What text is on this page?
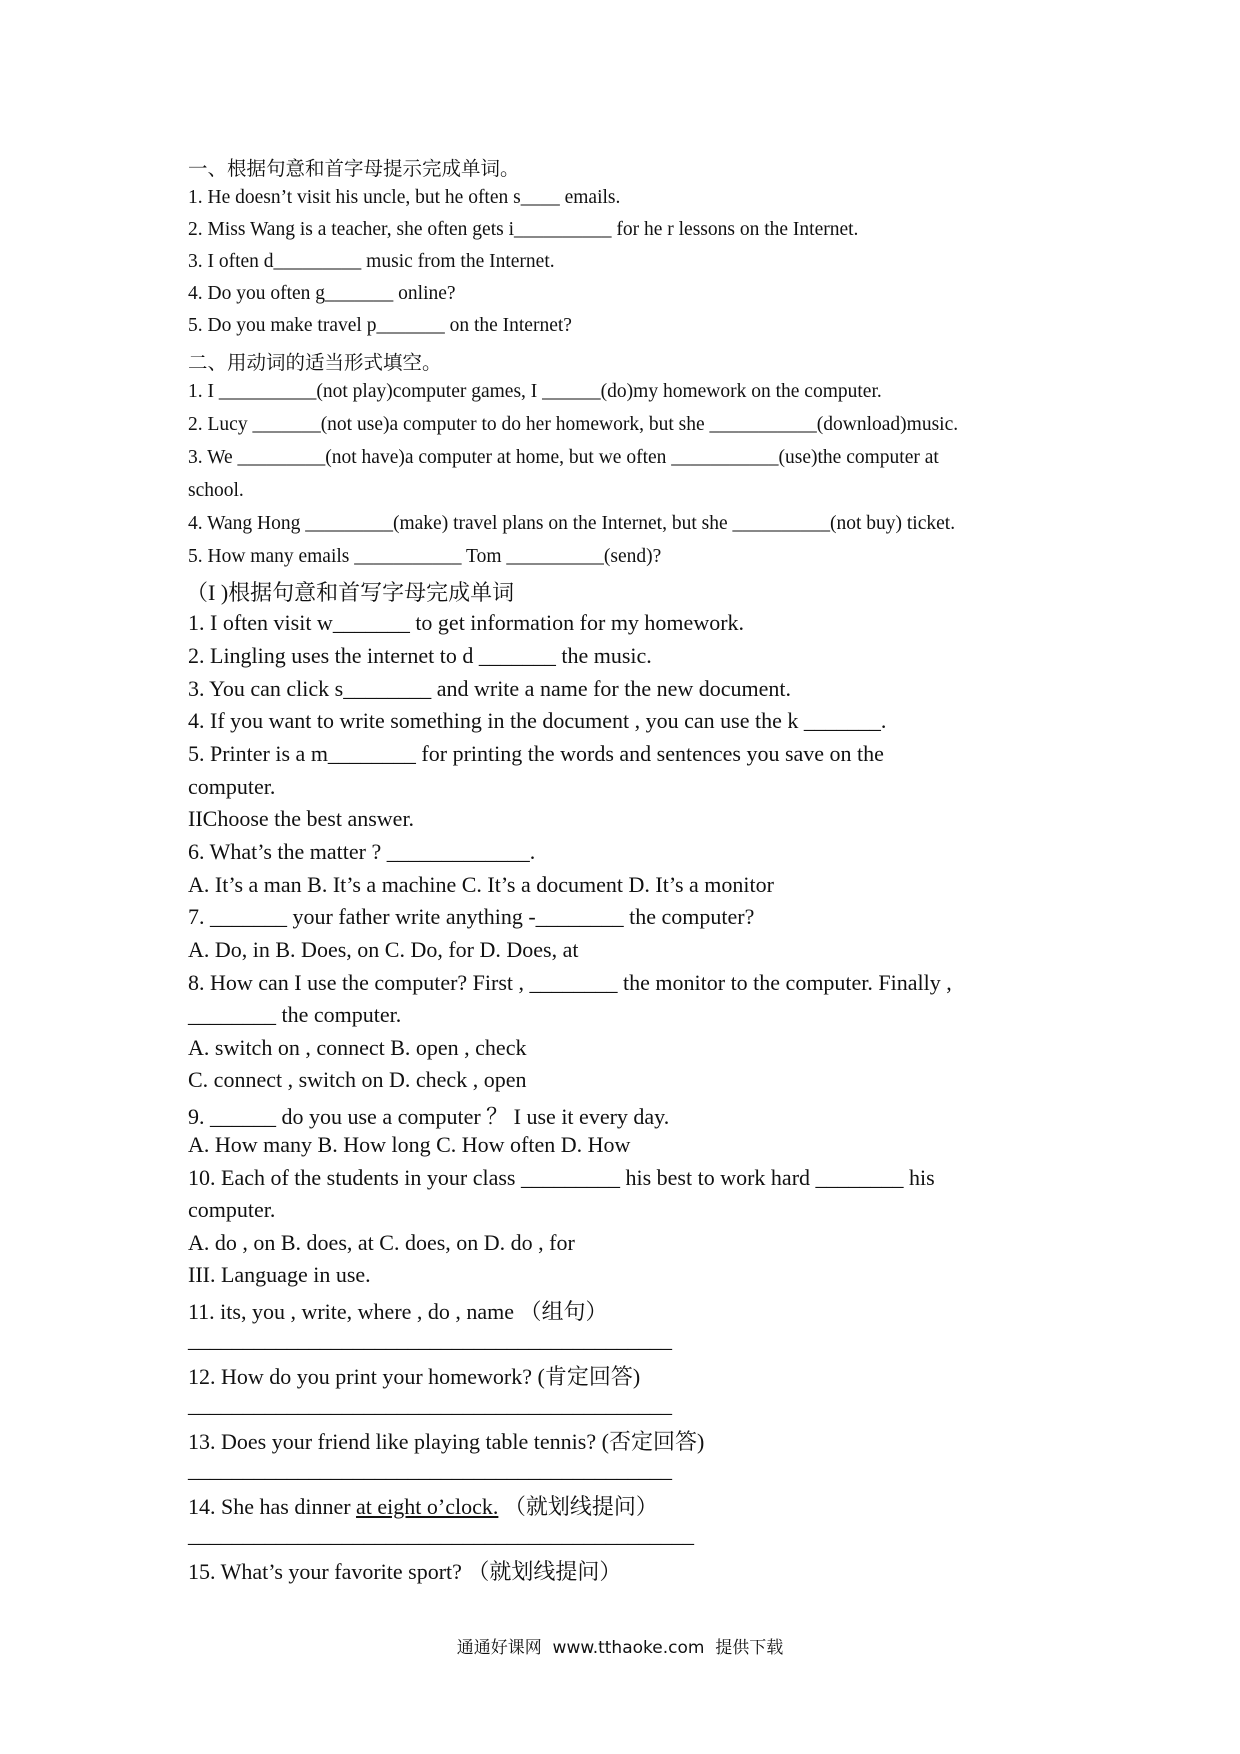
一、根据句意和首字母提示完成单词。
1. He doesn’t visit his uncle, but he often s____ emails.
2. Miss Wang is a teacher, she often gets i__________ for he r lessons on the Internet.
3. I often d_________ music from the Internet.
4. Do you often g_______ online?
5. Do you make travel p_______ on the Internet?
二、用动词的适当形式填空。
1. I __________(not play)computer games, I ______(do)my homework on the computer.
2. Lucy _______(not use)a computer to do her homework, but she ___________(download)music.
3. We _________(not have)a computer at home, but we often ___________(use)the computer at
school.
4. Wang Hong _________(make) travel plans on the Internet, but she __________(not buy) ticket.
5. How many emails ___________ Tom __________(send)?
（I )根据句意和首写字母完成单词
1. I often visit w_______ to get information for my homework.
2. Lingling uses the internet to d _______ the music.
3. You can click s________ and write a name for the new document.
4. If you want to write something in the document , you can use the k _______.
5. Printer is a m________ for printing the words and sentences you save on the
computer.
IIChoose the best answer.
6. What’s the matter ? _____________.
A. It’s a man B. It’s a machine C. It’s a document D. It’s a monitor
7. _______ your father write anything -________ the computer?
A. Do, in B. Does, on C. Do, for D. Does, at
8. How can I use the computer? First , ________ the monitor to the computer. Finally ,
________ the computer.
A. switch on , connect B. open , check
C. connect , switch on D. check , open
9. ______ do you use a computer ？ I use it every day.
A. How many B. How long C. How often D. How
10. Each of the students in your class _________ his best to work hard ________ his
computer.
A. do , on B. does, at C. does, on D. do , for
III. Language in use.
11. its, you , write, where , do , name （组句）
____________________________________________
12. How do you print your homework? (肯定回答)
____________________________________________
13. Does your friend like playing table tennis? (否定回答)
____________________________________________
14. She has dinner at eight o’clock. （就划线提问）
______________________________________________
15. What’s your favorite sport? （就划线提问）
通通好课网  www.tthaoke.com  提供下载
